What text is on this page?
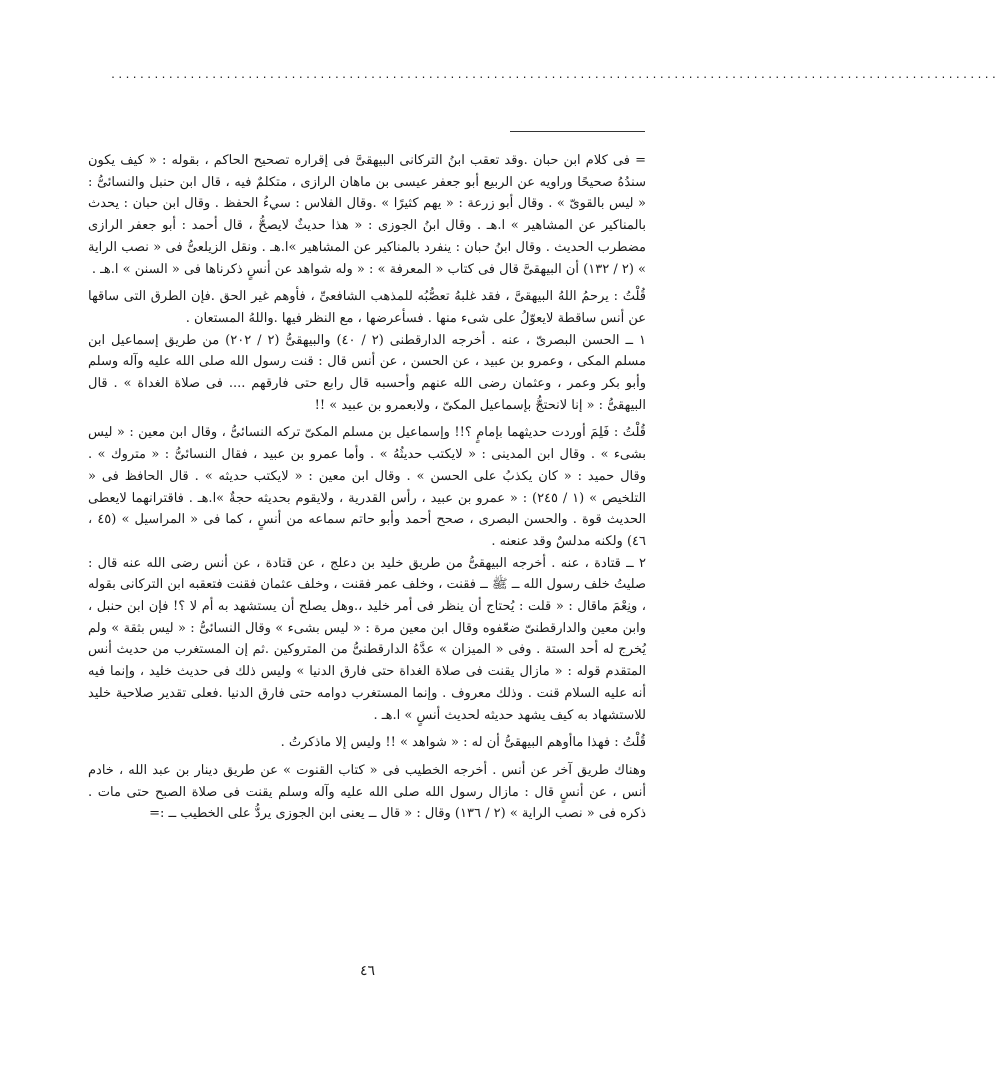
...........................................................................................................................

= فى كلام ابن حبان .وقد تعقب ابنُ التركانى البيهقىَّ فى إقراره تصحيح الحاكم ، بقوله : « كيف يكون سندُهُ صحيحًا وراويه عن الربيع أبو جعفر عيسى بن ماهان الرازى ، متكلمٌ فيه ، قال ابن حنبل والنسائىُّ : « ليس بالقوىّ » . وقال أبو زرعة : « يهم كثيرًا » .وقال الفلاس : سيءُ الحفظ . وقال ابن حبان : يحدث بالمناكير عن المشاهير » ا.هـ . وقال ابنُ الجوزى : « هذا حديثٌ لايصحُّ ، قال أحمد : أبو جعفر الرازى مضطرب الحديث . وقال ابنُ حبان : ينفرد بالمناكير عن المشاهير »ا.هـ . ونقل الزيلعىُّ فى « نصب الراية » (٢ / ١٣٢) أن البيهقىَّ قال فى كتاب « المعرفة » : « وله شواهد عن أنسٍ ذكرناها فى « السنن » ا.هـ .

قُلْتُ : يرحمُ اللهُ البيهقىَّ ، فقد غلبهُ تعصُّبُه للمذهب الشافعىِّ ، فأوهم غير الحق .فإن الطرق التى ساقها عن أنس ساقطة لايعوّلُ على شىء منها . فسأعرضها ، مع النظر فيها .واللهُ المستعان .

١ ــ الحسن البصرىّ ، عنه . أخرجه الدارقطنى (٢ / ٤٠) والبيهقىُّ (٢ / ٢٠٢) من طريق إسماعيل ابن مسلم المكى ، وعمرو بن عبيد ، عن الحسن ، عن أنس قال : قنت رسول الله صلى الله عليه وآله وسلم وأبو بكر وعمر ، وعثمان رضى الله عنهم وأحسبه قال رابع حتى فارقهم .... فى صلاة الغداة » . قال البيهقىُّ : « إنا لانحتجُّ بإسماعيل المكىّ ، ولابعمرو بن عبيد » !!

قُلْتُ : فَلِمَ أوردت حديثهما بإمامٍ ؟!! وإسماعيل بن مسلم المكىّ تركه النسائىُّ ، وقال ابن معين : « ليس بشىء » . وقال ابن المدينى : « لايكتب حديثُهُ » . وأما عمرو بن عبيد ، فقال النسائىُّ : « متروك » . وقال حميد : « كان يكذبُ على الحسن » . وقال ابن معين : « لايكتب حديثه » . قال الحافظ فى « التلخيص » (١ / ٢٤٥) : « عمرو بن عبيد ، رأس القدرية ، ولايقوم بحديثه حجةٌ »ا.هـ . فاقترانهما لايعطى الحديث قوة . والحسن البصرى ، صحح أحمد وأبو حاتم سماعه من أنسٍ ، كما فى « المراسيل » (٤٥ ، ٤٦) ولكنه مدلسٌ وقد عنعنه .

٢ ــ قتادة ، عنه . أخرجه البيهقىُّ من طريق خليد بن دعلج ، عن قتادة ، عن أنس رضى الله عنه قال : صليتُ خلف رسول الله ــ ﷺ ــ فقنت ، وخلف عمر فقنت ، وخلف عثمان فقنت فتعقبه ابن التركانى بقوله ، ونِعْمَ ماقال : « قلت : يُحتاج أن ينظر فى أمر خليد ،.وهل يصلح أن يستشهد به أم لا ؟! فإن ابن حنبل ، وابن معين والدارقطنىّ ضعّفوه وقال ابن معين مرة : « ليس بشىء » وقال النسائىُّ : « ليس بثقة » ولم يُخرج له أحد الستة . وفى « الميزان » عدَّهُ الدارقطنىُّ من المتروكين .ثم إن المستغرب من حديث أنس المتقدم قوله : « مازال يقنت فى صلاة الغداة حتى فارق الدنيا » وليس ذلك فى حديث خليد ، وإنما فيه أنه عليه السلام قنت . وذلك معروف . وإنما المستغرب دوامه حتى فارق الدنيا .فعلى تقدير صلاحية خليد للاستشهاد به كيف يشهد حديثه لحديث أنسٍ » ا.هـ .

قُلْتُ : فهذا ماأوهم البيهقىُّ أن له : « شواهد » !! وليس إلا ماذكرتُ .

وهناك طريق آخر عن أنس . أخرجه الخطيب فى « كتاب القنوت » عن طريق دينار بن عبد الله ، خادم أنس ، عن أنسٍ قال : مازال رسول الله صلى الله عليه وآله وسلم يقنت فى صلاة الصبح حتى مات . ذكره فى « نصب الراية » (٢ / ١٣٦) وقال : « قال ــ يعنى ابن الجوزى يردُّ على الخطيب ــ :=

٤٦
